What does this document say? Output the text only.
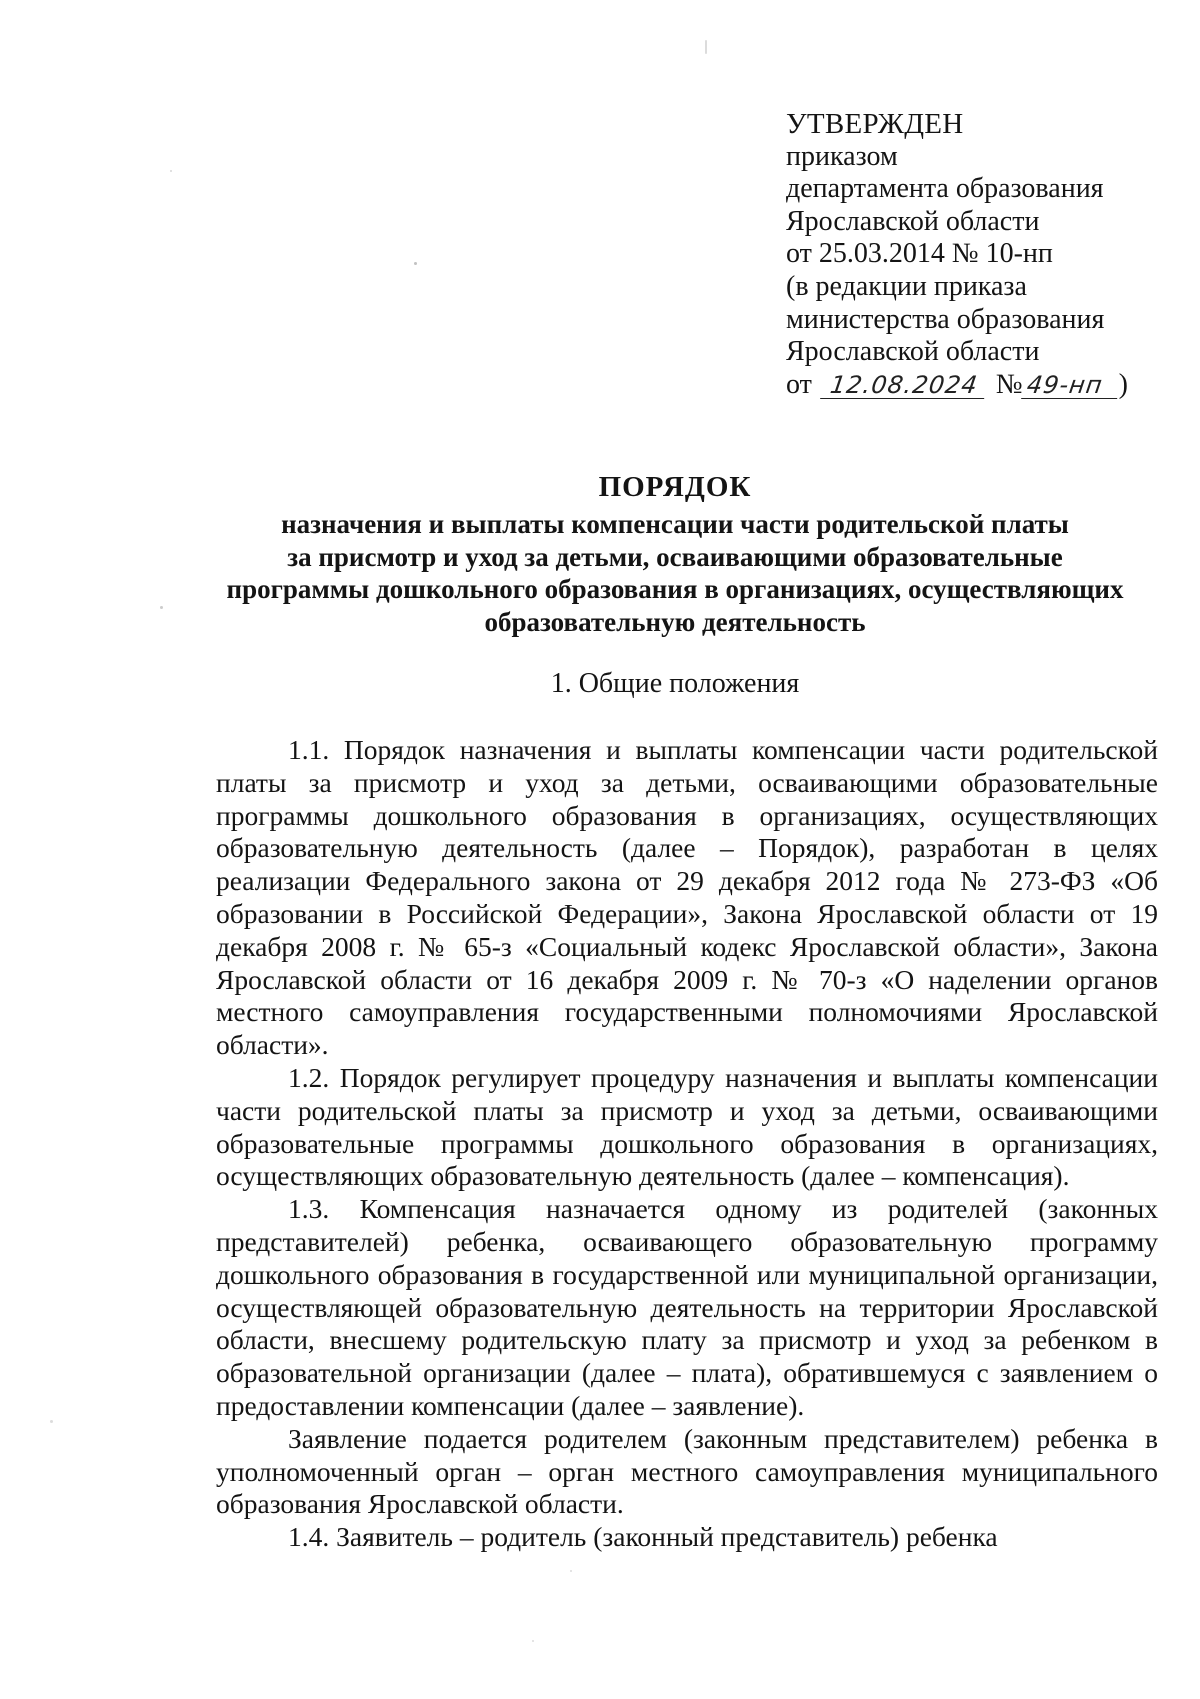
УТВЕРЖДЕН
приказом
департамента образования
Ярославской области
от 25.03.2014 № 10-нп
(в редакции приказа
министерства образования
Ярославской области
от 12.08.2024 №49-нп )
ПОРЯДОК
назначения и выплаты компенсации части родительской платы
за присмотр и уход за детьми, осваивающими образовательные
программы дошкольного образования в организациях, осуществляющих
образовательную деятельность
1. Общие положения

1.1. Порядок назначения и выплаты компенсации части родительской платы за присмотр и уход за детьми, осваивающими образовательные программы дошкольного образования в организациях, осуществляющих образовательную деятельность (далее – Порядок), разработан в целях реализации Федерального закона от 29 декабря 2012 года № 273-ФЗ «Об образовании в Российской Федерации», Закона Ярославской области от 19 декабря 2008 г. № 65-з «Социальный кодекс Ярославской области», Закона Ярославской области от 16 декабря 2009 г. № 70-з «О наделении органов местного самоуправления государственными полномочиями Ярославской области».

1.2. Порядок регулирует процедуру назначения и выплаты компенсации части родительской платы за присмотр и уход за детьми, осваивающими образовательные программы дошкольного образования в организациях, осуществляющих образовательную деятельность (далее – компенсация).

1.3. Компенсация назначается одному из родителей (законных представителей) ребенка, осваивающего образовательную программу дошкольного образования в государственной или муниципальной организации, осуществляющей образовательную деятельность на территории Ярославской области, внесшему родительскую плату за присмотр и уход за ребенком в образовательной организации (далее – плата), обратившемуся с заявлением о предоставлении компенсации (далее – заявление).

Заявление подается родителем (законным представителем) ребенка в уполномоченный орган – орган местного самоуправления муниципального образования Ярославской области.

1.4. Заявитель – родитель (законный представитель) ребенка
